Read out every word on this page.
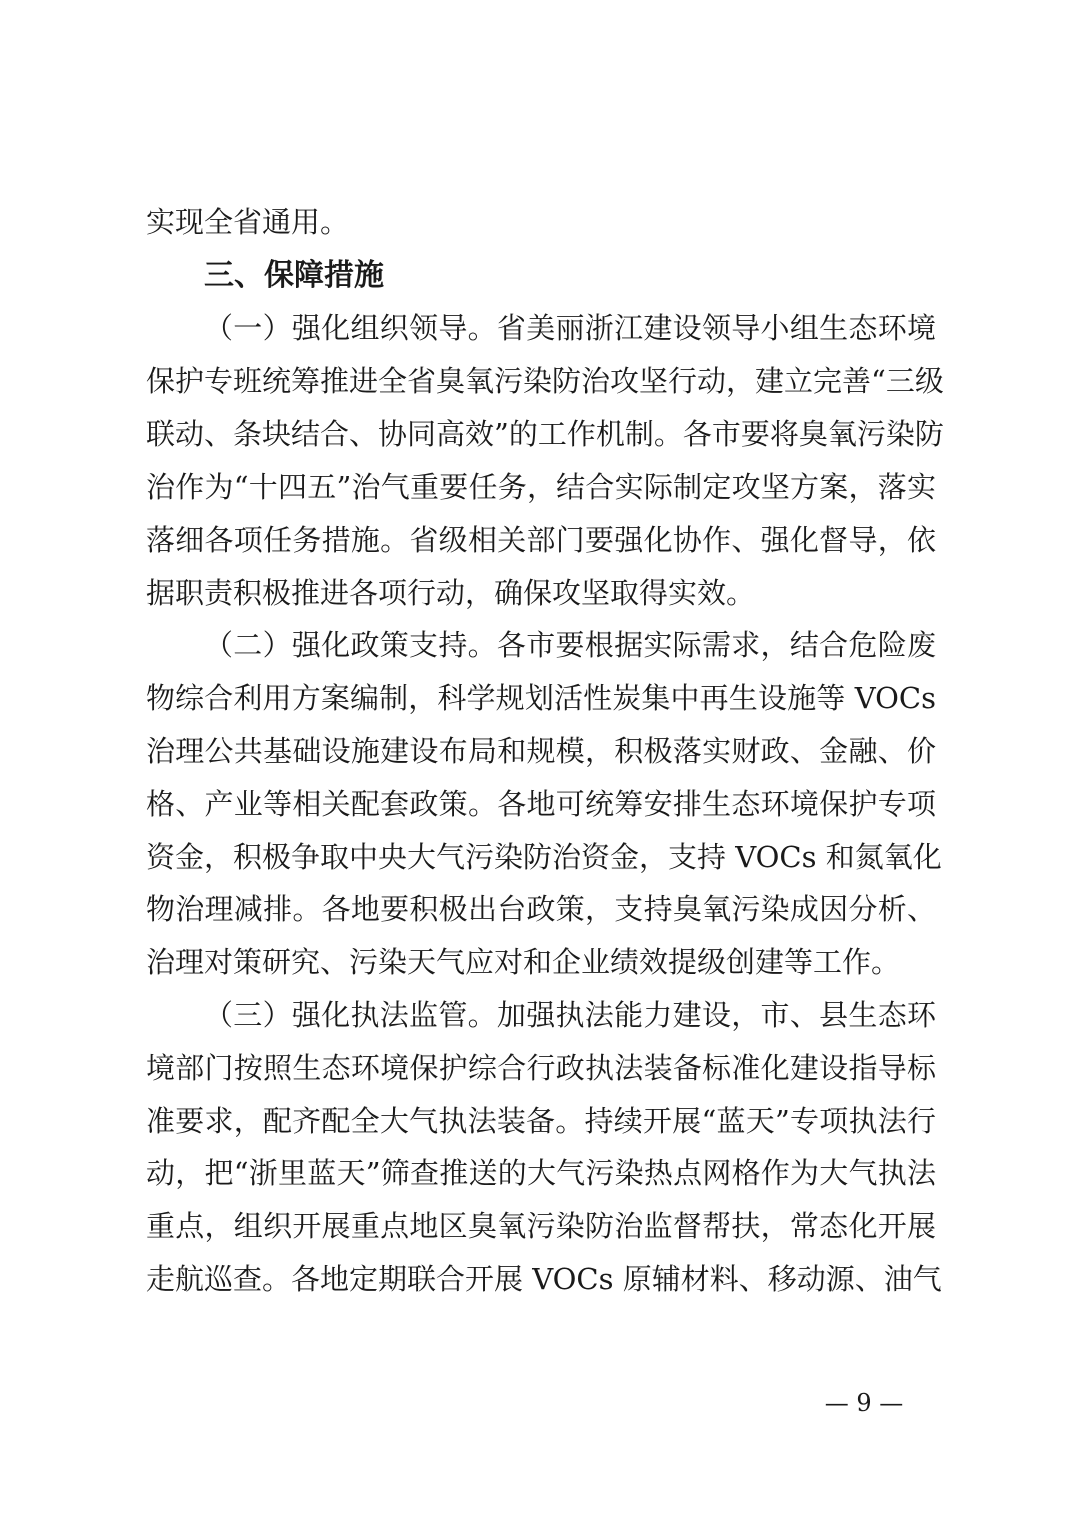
实现全省通用。
三、保障措施
（一）强化组织领导。省美丽浙江建设领导小组生态环境
保护专班统筹推进全省臭氧污染防治攻坚行动，建立完善“三级
联动、条块结合、协同高效”的工作机制。各市要将臭氧污染防
治作为“十四五”治气重要任务，结合实际制定攻坚方案，落实
落细各项任务措施。省级相关部门要强化协作、强化督导，依
据职责积极推进各项行动，确保攻坚取得实效。
（二）强化政策支持。各市要根据实际需求，结合危险废
物综合利用方案编制，科学规划活性炭集中再生设施等 VOCs
治理公共基础设施建设布局和规模，积极落实财政、金融、价
格、产业等相关配套政策。各地可统筹安排生态环境保护专项
资金，积极争取中央大气污染防治资金，支持 VOCs 和氮氧化
物治理减排。各地要积极出台政策，支持臭氧污染成因分析、
治理对策研究、污染天气应对和企业绩效提级创建等工作。
（三）强化执法监管。加强执法能力建设，市、县生态环
境部门按照生态环境保护综合行政执法装备标准化建设指导标
准要求，配齐配全大气执法装备。持续开展“蓝天”专项执法行
动，把“浙里蓝天”筛查推送的大气污染热点网格作为大气执法
重点，组织开展重点地区臭氧污染防治监督帮扶，常态化开展
走航巡查。各地定期联合开展 VOCs 原辅材料、移动源、油气
— 9 —
